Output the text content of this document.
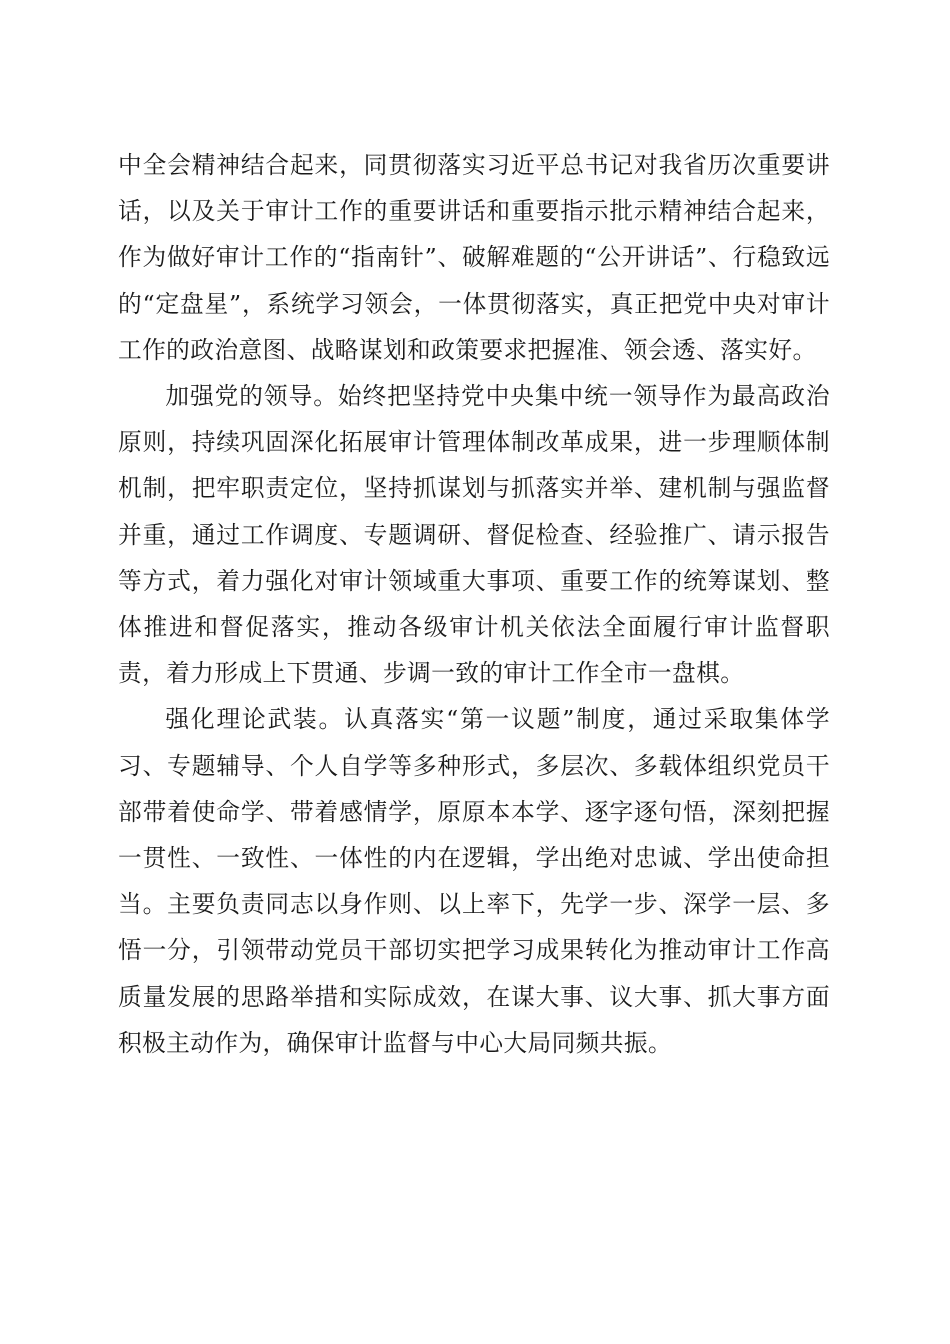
中全会精神结合起来，同贯彻落实习近平总书记对我省历次重要讲话，以及关于审计工作的重要讲话和重要指示批示精神结合起来，作为做好审计工作的“指南针”、破解难题的“公开讲话”、行稳致远的“定盘星”，系统学习领会，一体贯彻落实，真正把党中央对审计工作的政治意图、战略谋划和政策要求把握准、领会透、落实好。

加强党的领导。始终把坚持党中央集中统一领导作为最高政治原则，持续巩固深化拓展审计管理体制改革成果，进一步理顺体制机制，把牢职责定位，坚持抓谋划与抓落实并举、建机制与强监督并重，通过工作调度、专题调研、督促检查、经验推广、请示报告等方式，着力强化对审计领域重大事项、重要工作的统筹谋划、整体推进和督促落实，推动各级审计机关依法全面履行审计监督职责，着力形成上下贯通、步调一致的审计工作全市一盘棋。

强化理论武装。认真落实“第一议题”制度，通过采取集体学习、专题辅导、个人自学等多种形式，多层次、多载体组织党员干部带着使命学、带着感情学，原原本本学、逐字逐句悟，深刻把握一贯性、一致性、一体性的内在逻辑，学出绝对忠诚、学出使命担当。主要负责同志以身作则、以上率下，先学一步、深学一层、多悟一分，引领带动党员干部切实把学习成果转化为推动审计工作高质量发展的思路举措和实际成效，在谋大事、议大事、抓大事方面积极主动作为，确保审计监督与中心大局同频共振。
